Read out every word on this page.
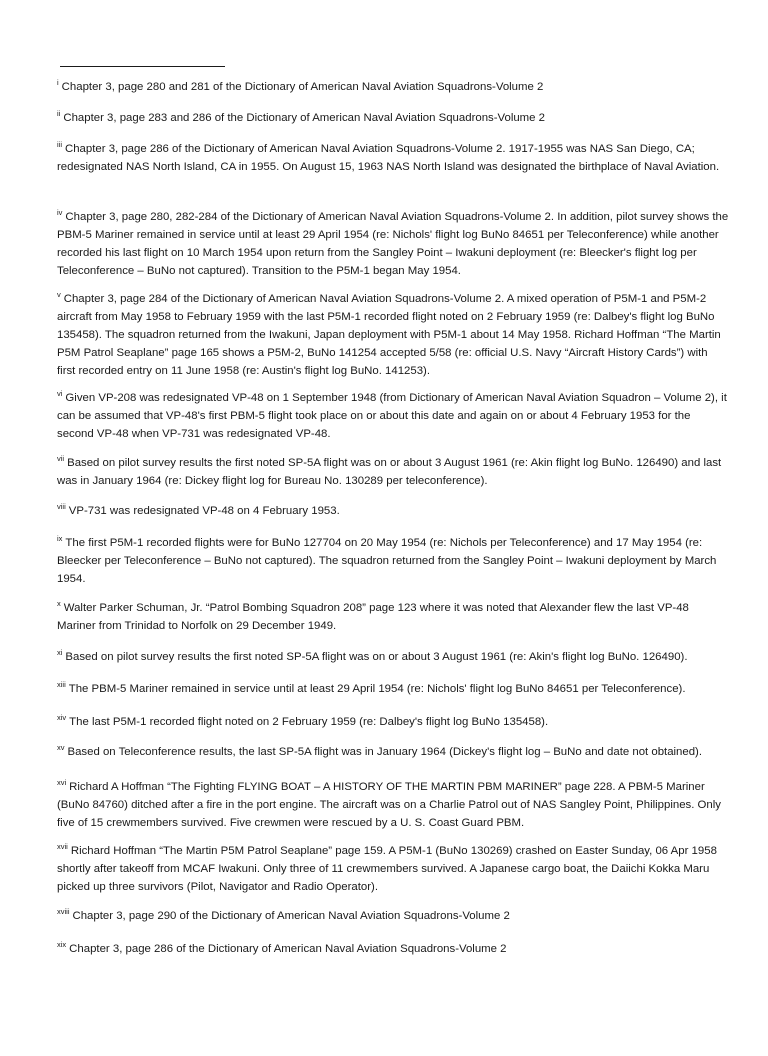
$^i$ Chapter 3, page 280 and 281 of the Dictionary of American Naval Aviation Squadrons-Volume 2

$^{ii}$ Chapter 3, page 283 and 286 of the Dictionary of American Naval Aviation Squadrons-Volume 2

$^{iii}$ Chapter 3, page 286 of the Dictionary of American Naval Aviation Squadrons-Volume 2. 1917-1955 was NAS San Diego, CA; redesignated NAS North Island, CA in 1955. On August 15, 1963 NAS North Island was designated the birthplace of Naval Aviation.

$^{iv}$ Chapter 3, page 280, 282-284 of the Dictionary of American Naval Aviation Squadrons-Volume 2. In addition, pilot survey shows the PBM-5 Mariner remained in service until at least 29 April 1954 (re: Nichols' flight log BuNo 84651 per Teleconference) while another recorded his last flight on 10 March 1954 upon return from the Sangley Point – Iwakuni deployment (re: Bleecker's flight log per Teleconference – BuNo not captured). Transition to the P5M-1 began May 1954.

$^v$ Chapter 3, page 284 of the Dictionary of American Naval Aviation Squadrons-Volume 2. A mixed operation of P5M-1 and P5M-2 aircraft from May 1958 to February 1959 with the last P5M-1 recorded flight noted on 2 February 1959 (re: Dalbey's flight log BuNo 135458). The squadron returned from the Iwakuni, Japan deployment with P5M-1 about 14 May 1958. Richard Hoffman “The Martin P5M Patrol Seaplane” page 165 shows a P5M-2, BuNo 141254 accepted 5/58 (re: official U.S. Navy “Aircraft History Cards”) with first recorded entry on 11 June 1958 (re: Austin's flight log BuNo. 141253).

$^{vi}$ Given VP-208 was redesignated VP-48 on 1 September 1948 (from Dictionary of American Naval Aviation Squadron – Volume 2), it can be assumed that VP-48's first PBM-5 flight took place on or about this date and again on or about 4 February 1953 for the second VP-48 when VP-731 was redesignated VP-48.

$^{vii}$ Based on pilot survey results the first noted SP-5A flight was on or about 3 August 1961 (re: Akin flight log BuNo. 126490) and last was in January 1964 (re: Dickey flight log for Bureau No. 130289 per teleconference).

$^{viii}$ VP-731 was redesignated VP-48 on 4 February 1953.

$^{ix}$ The first P5M-1 recorded flights were for BuNo 127704 on 20 May 1954 (re: Nichols per Teleconference) and 17 May 1954 (re: Bleecker per Teleconference – BuNo not captured). The squadron returned from the Sangley Point – Iwakuni deployment by March 1954.

$^x$ Walter Parker Schuman, Jr. “Patrol Bombing Squadron 208” page 123 where it was noted that Alexander flew the last VP-48 Mariner from Trinidad to Norfolk on 29 December 1949.

$^{xi}$ Based on pilot survey results the first noted SP-5A flight was on or about 3 August 1961 (re: Akin's flight log BuNo. 126490).

$^{xiii}$ The PBM-5 Mariner remained in service until at least 29 April 1954 (re: Nichols' flight log BuNo 84651 per Teleconference).

$^{xiv}$ The last P5M-1 recorded flight noted on 2 February 1959 (re: Dalbey's flight log BuNo 135458).

$^{xv}$ Based on Teleconference results, the last SP-5A flight was in January 1964 (Dickey's flight log – BuNo and date not obtained).

$^{xvi}$ Richard A Hoffman “The Fighting FLYING BOAT – A HISTORY OF THE MARTIN PBM MARINER” page 228. A PBM-5 Mariner (BuNo 84760) ditched after a fire in the port engine. The aircraft was on a Charlie Patrol out of NAS Sangley Point, Philippines. Only five of 15 crewmembers survived. Five crewmen were rescued by a U. S. Coast Guard PBM.

$^{xvii}$ Richard Hoffman “The Martin P5M Patrol Seaplane” page 159. A P5M-1 (BuNo 130269) crashed on Easter Sunday, 06 Apr 1958 shortly after takeoff from MCAF Iwakuni. Only three of 11 crewmembers survived. A Japanese cargo boat, the Daiichi Kokka Maru picked up three survivors (Pilot, Navigator and Radio Operator).

$^{xviii}$ Chapter 3, page 290 of the Dictionary of American Naval Aviation Squadrons-Volume 2

$^{xix}$ Chapter 3, page 286 of the Dictionary of American Naval Aviation Squadrons-Volume 2
